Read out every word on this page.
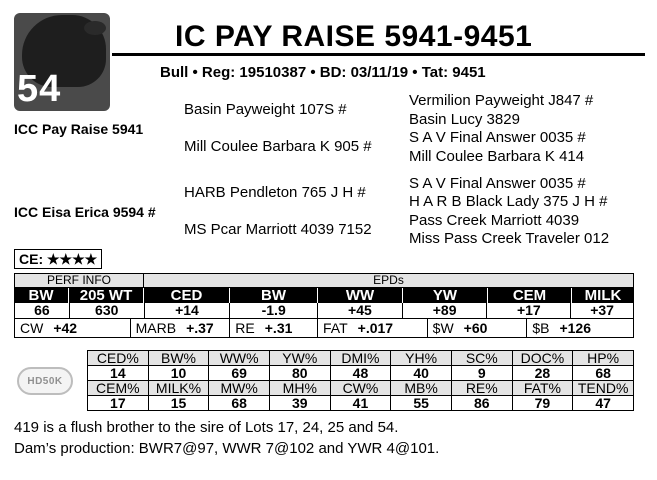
54
IC PAY RAISE 5941-9451
Bull • Reg: 19510387 • BD: 03/11/19 • Tat: 9451
ICC Pay Raise 5941
Basin Payweight 107S #
Mill Coulee Barbara K 905 #
Vermilion Payweight J847 #
Basin Lucy 3829
S A V Final Answer 0035 #
Mill Coulee Barbara K 414
ICC Eisa Erica 9594 #
HARB Pendleton 765 J H #
MS Pcar Marriott 4039 7152
S A V Final Answer 0035 #
H A R B Black Lady 375 J H #
Pass Creek Marriott 4039
Miss Pass Creek Traveler 012
CE: ★★★★
PERF INFO	EPDs
BW	205 WT	CED	BW	WW	YW	CEM	MILK
66	630	+14	-1.9	+45	+89	+17	+37
CW +42	MARB +.37 RE +.31 FAT +.017	$W +60	$B +126
HD50K
CED%	BW%	WW%	YW%	DMI%	YH%	SC%	DOC%	HP%
14	10	69	80	48	40	9	28	68
CEM%	MILK%	MW%	MH%	CW%	MB%	RE%	FAT%	TEND%
17	15	68	39	41	55	86	79	47
419 is a flush brother to the sire of Lots 17, 24, 25 and 54.
Dam’s production: BWR7@97, WWR 7@102 and YWR 4@101.
